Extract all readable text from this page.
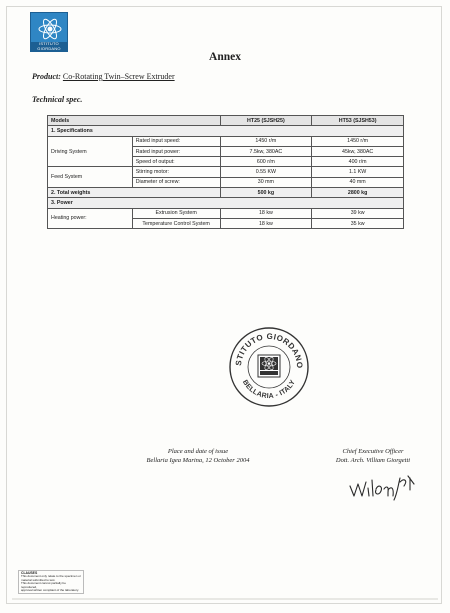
ISTITUTO GIORDANO
Annex
Product: Co-Rotating Twin–Screw Extruder
Technical spec.
Models		HT25 (SJSH25)	HT53 (SJSH53)
1. Specifications			
Driving System	Rated input speed:	1450 r/m	1450 r/m
	Rated input power:	7.5kw, 380AC	45kw, 380AC
	Speed of output:	600 r/m	400 r/m
Feed System	Stirring motor:	0.55 KW	1.1 KW
	Diameter of screw:	30 mm	40 mm
2. Total weights		500 kg	2800 kg
3. Power			
Heating power:	Extrusion System	18 kw	39 kw
	Temperature Control System	18 kw	35 kw
STITUTO GIORDANO
BELLARIA - ITALY
Place and date of issue
Bellaria Igea Marina, 12 October 2004
Chief Executive Officer
Dott. Arch. Villiam Giorgetti
CLAUSES
This document only relate to the specimen or
material submitted to test.
This document cannot partially be reproduced,
approval written compliant of the laboratory.
